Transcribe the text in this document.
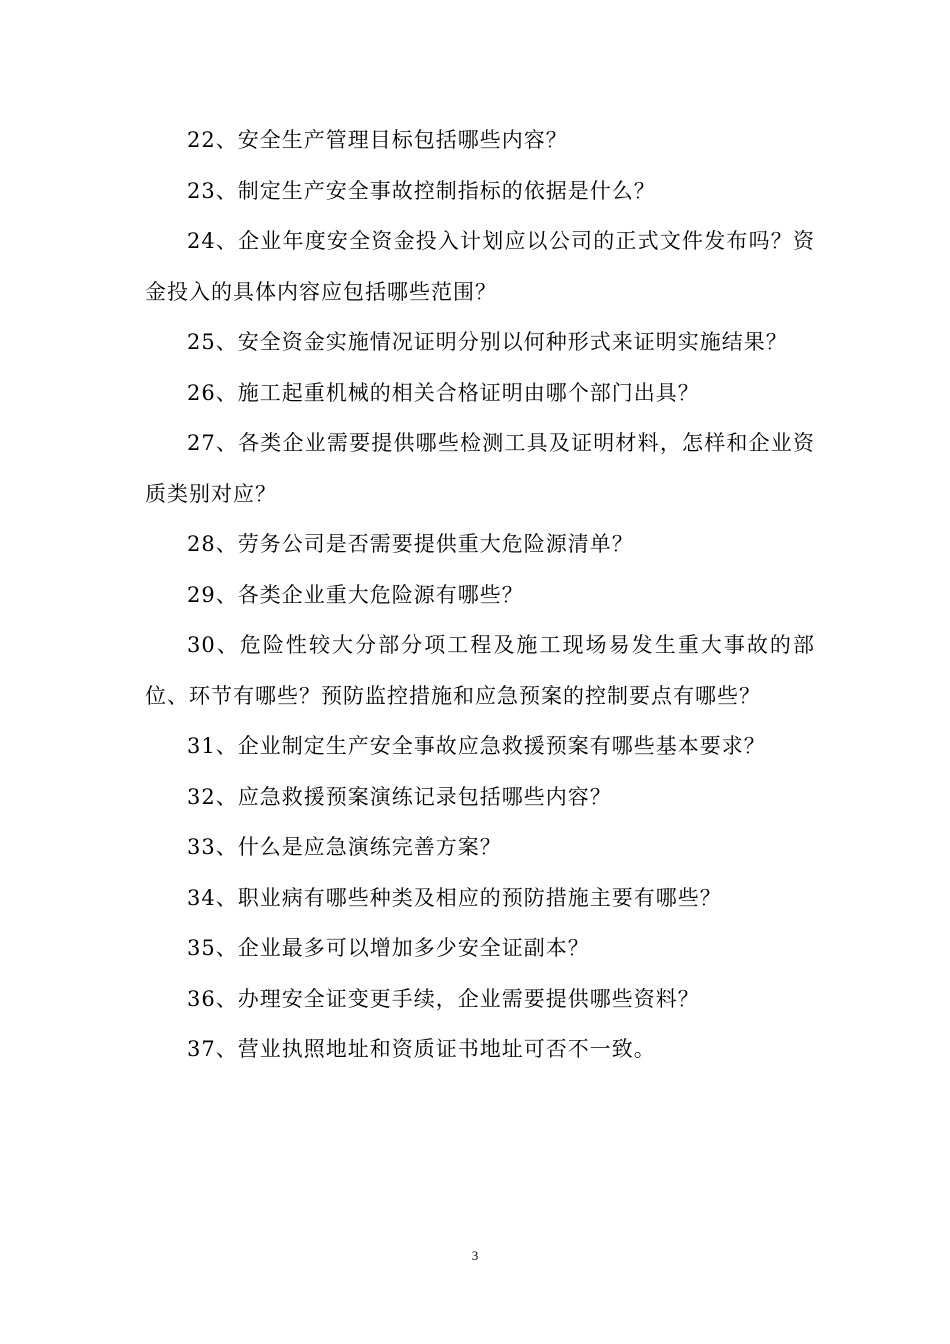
22、安全生产管理目标包括哪些内容？

23、制定生产安全事故控制指标的依据是什么？

24、企业年度安全资金投入计划应以公司的正式文件发布吗？资金投入的具体内容应包括哪些范围？

25、安全资金实施情况证明分别以何种形式来证明实施结果？

26、施工起重机械的相关合格证明由哪个部门出具？

27、各类企业需要提供哪些检测工具及证明材料，怎样和企业资质类别对应？

28、劳务公司是否需要提供重大危险源清单？

29、各类企业重大危险源有哪些？

30、危险性较大分部分项工程及施工现场易发生重大事故的部位、环节有哪些？预防监控措施和应急预案的控制要点有哪些？

31、企业制定生产安全事故应急救援预案有哪些基本要求？

32、应急救援预案演练记录包括哪些内容？

33、什么是应急演练完善方案？

34、职业病有哪些种类及相应的预防措施主要有哪些？

35、企业最多可以增加多少安全证副本？

36、办理安全证变更手续，企业需要提供哪些资料？

37、营业执照地址和资质证书地址可否不一致。

3
